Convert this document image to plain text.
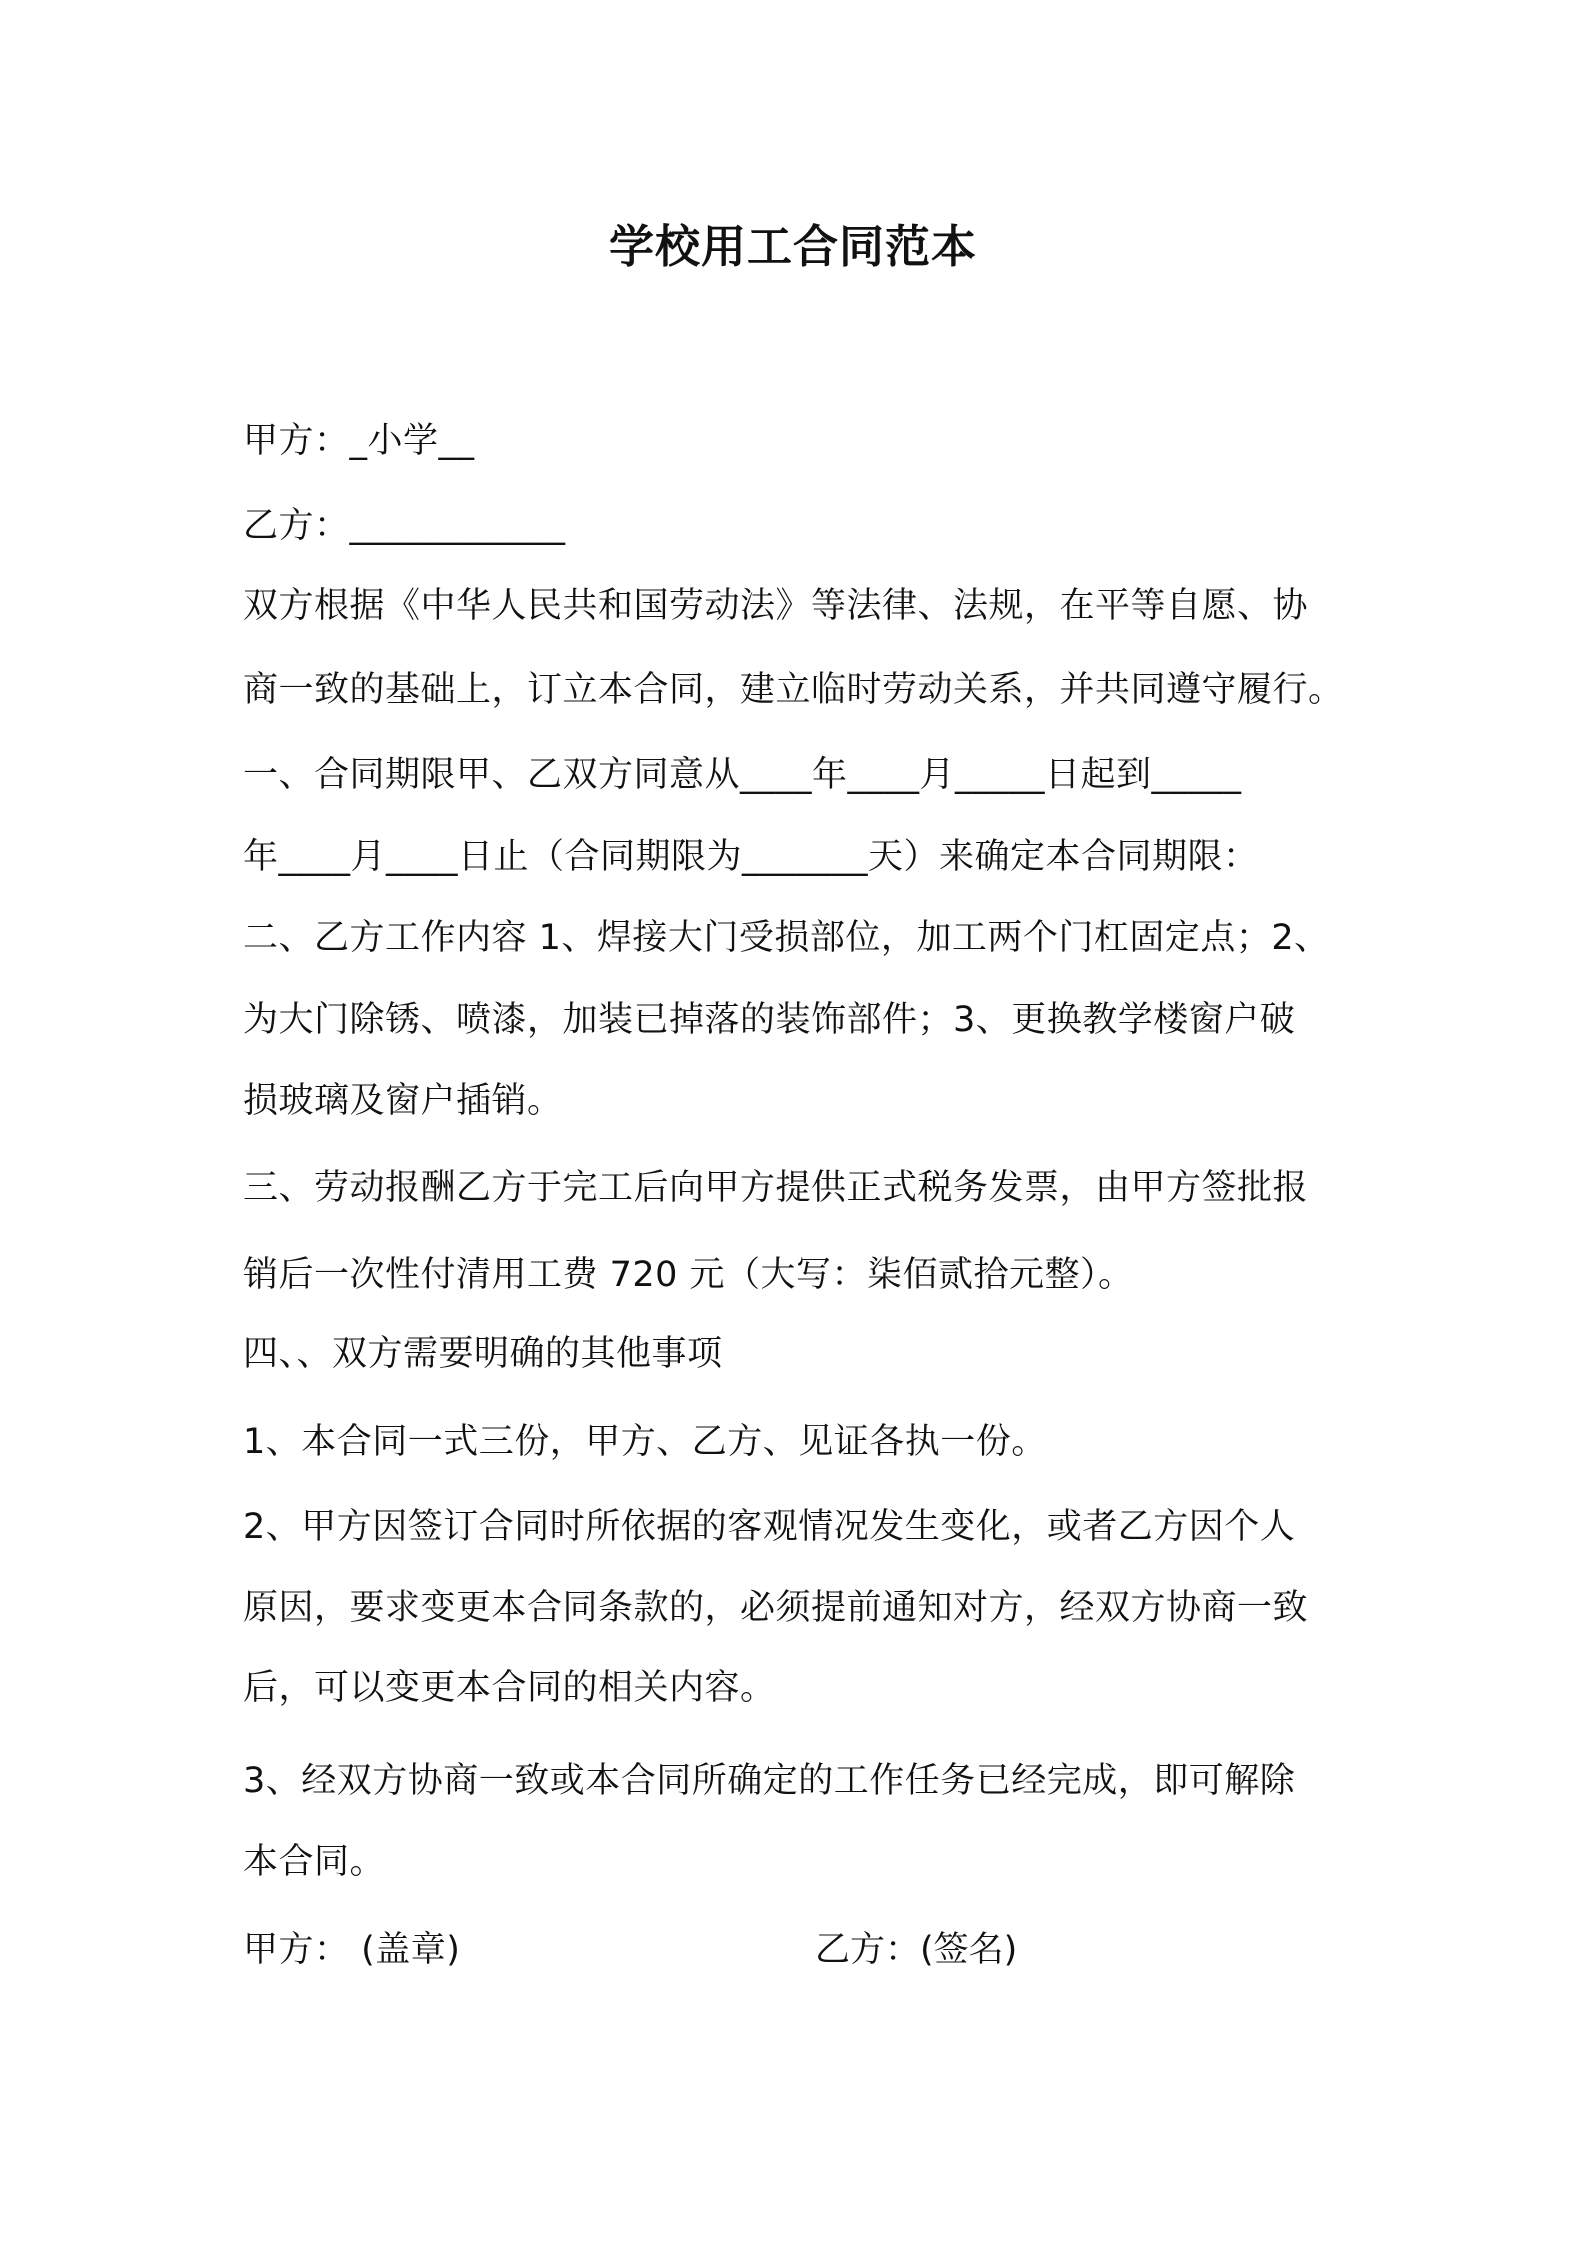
学校用工合同范本
甲方：_小学__
乙方：____________
双方根据《中华人民共和国劳动法》等法律、法规，在平等自愿、协
商一致的基础上，订立本合同，建立临时劳动关系，并共同遵守履行。
一、合同期限甲、乙双方同意从____年____月_____日起到_____
年____月____日止（合同期限为_______天）来确定本合同期限：
二、乙方工作内容 1、焊接大门受损部位，加工两个门杠固定点；2、
为大门除锈、喷漆，加装已掉落的装饰部件；3、更换教学楼窗户破
损玻璃及窗户插销。
三、劳动报酬乙方于完工后向甲方提供正式税务发票，由甲方签批报
销后一次性付清用工费 720 元（大写：柒佰贰拾元整）。
四、、双方需要明确的其他事项
1、本合同一式三份，甲方、乙方、见证各执一份。
2、甲方因签订合同时所依据的客观情况发生变化，或者乙方因个人
原因，要求变更本合同条款的，必须提前通知对方，经双方协商一致
后，可以变更本合同的相关内容。
3、经双方协商一致或本合同所确定的工作任务已经完成，即可解除
本合同。
甲方： (盖章)	乙方：(签名)
